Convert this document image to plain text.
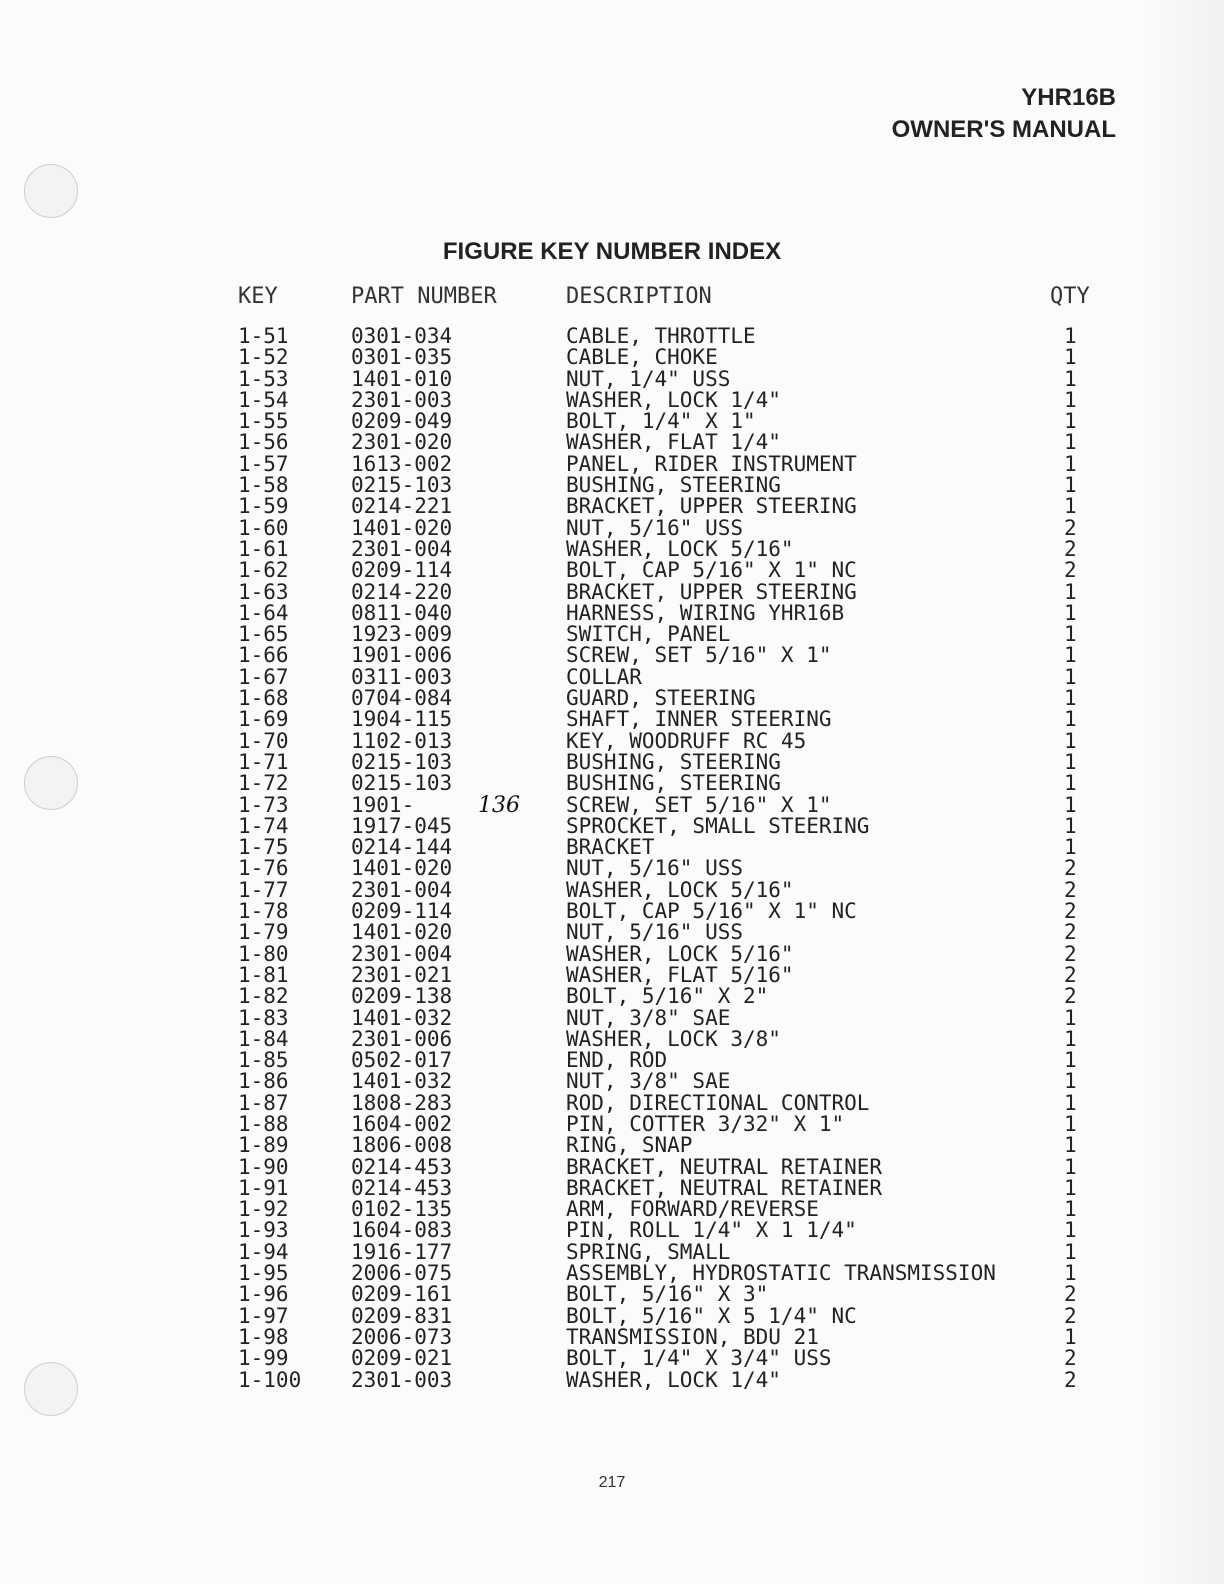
YHR16B
OWNER'S MANUAL
FIGURE KEY NUMBER INDEX
KEY	PART NUMBER	DESCRIPTION	QTY
1-51	0301-034	CABLE, THROTTLE	1
1-52	0301-035	CABLE, CHOKE	1
1-53	1401-010	NUT, 1/4" USS	1
1-54	2301-003	WASHER, LOCK 1/4"	1
1-55	0209-049	BOLT, 1/4" X 1"	1
1-56	2301-020	WASHER, FLAT 1/4"	1
1-57	1613-002	PANEL, RIDER INSTRUMENT	1
1-58	0215-103	BUSHING, STEERING	1
1-59	0214-221	BRACKET, UPPER STEERING	1
1-60	1401-020	NUT, 5/16" USS	2
1-61	2301-004	WASHER, LOCK 5/16"	2
1-62	0209-114	BOLT, CAP 5/16" X 1" NC	2
1-63	0214-220	BRACKET, UPPER STEERING	1
1-64	0811-040	HARNESS, WIRING YHR16B	1
1-65	1923-009	SWITCH, PANEL	1
1-66	1901-006	SCREW, SET 5/16" X 1"	1
1-67	0311-003	COLLAR	1
1-68	0704-084	GUARD, STEERING	1
1-69	1904-115	SHAFT, INNER STEERING	1
1-70	1102-013	KEY, WOODRUFF RC 45	1
1-71	0215-103	BUSHING, STEERING	1
1-72	0215-103	BUSHING, STEERING	1
1-73	1901-	SCREW, SET 5/16" X 1"	1
136
1-74	1917-045	SPROCKET, SMALL STEERING	1
1-75	0214-144	BRACKET	1
1-76	1401-020	NUT, 5/16" USS	2
1-77	2301-004	WASHER, LOCK 5/16"	2
1-78	0209-114	BOLT, CAP 5/16" X 1" NC	2
1-79	1401-020	NUT, 5/16" USS	2
1-80	2301-004	WASHER, LOCK 5/16"	2
1-81	2301-021	WASHER, FLAT 5/16"	2
1-82	0209-138	BOLT, 5/16" X 2"	2
1-83	1401-032	NUT, 3/8" SAE	1
1-84	2301-006	WASHER, LOCK 3/8"	1
1-85	0502-017	END, ROD	1
1-86	1401-032	NUT, 3/8" SAE	1
1-87	1808-283	ROD, DIRECTIONAL CONTROL	1
1-88	1604-002	PIN, COTTER 3/32" X 1"	1
1-89	1806-008	RING, SNAP	1
1-90	0214-453	BRACKET, NEUTRAL RETAINER	1
1-91	0214-453	BRACKET, NEUTRAL RETAINER	1
1-92	0102-135	ARM, FORWARD/REVERSE	1
1-93	1604-083	PIN, ROLL 1/4" X 1 1/4"	1
1-94	1916-177	SPRING, SMALL	1
1-95	2006-075	ASSEMBLY, HYDROSTATIC TRANSMISSION	1
1-96	0209-161	BOLT, 5/16" X 3"	2
1-97	0209-831	BOLT, 5/16" X 5 1/4" NC	2
1-98	2006-073	TRANSMISSION, BDU 21	1
1-99	0209-021	BOLT, 1/4" X 3/4" USS	2
1-100 2301-003	WASHER, LOCK 1/4"	2
217
